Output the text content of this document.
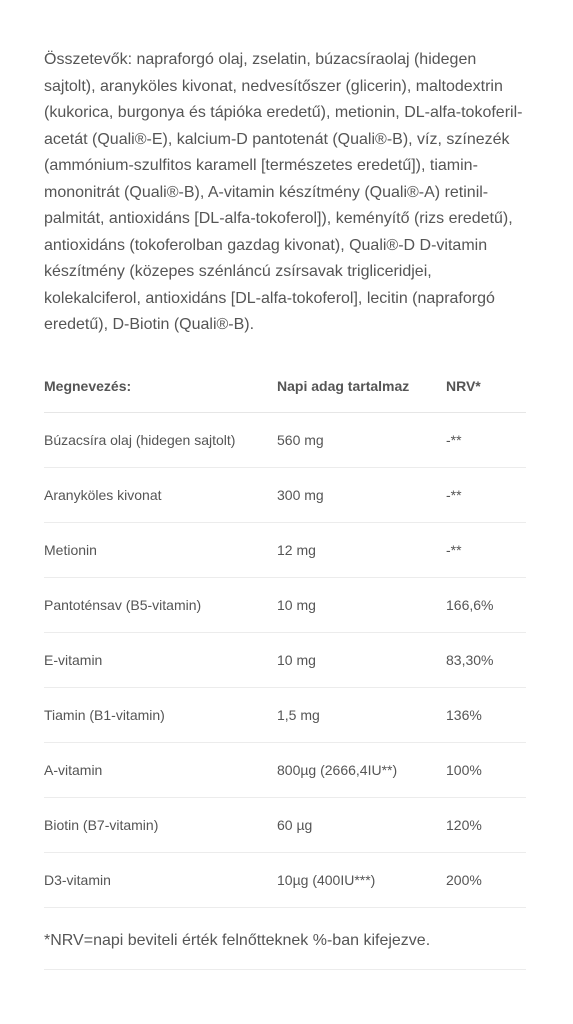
Összetevők: napraforgó olaj, zselatin, búzacsíraolaj (hidegen sajtolt), aranyköles kivonat, nedvesítőszer (glicerin), maltodextrin (kukorica, burgonya és tápióka eredetű), metionin, DL-alfa-tokoferil-acetát (Quali®-E), kalcium-D pantotenát (Quali®-B), víz, színezék (ammónium-szulfitos karamell [természetes eredetű]), tiamin-mononitrát (Quali®-B), A-vitamin készítmény (Quali®-A) retinil-palmitát, antioxidáns [DL-alfa-tokoferol]), keményítő (rizs eredetű), antioxidáns (tokoferolban gazdag kivonat), Quali®-D D-vitamin készítmény (közepes szénláncú zsírsavak trigliceridjei, kolekalciferol, antioxidáns [DL-alfa-tokoferol], lecitin (napraforgó eredetű), D-Biotin (Quali®-B).

Megnevezés:	Napi adag tartalmaz	NRV*
Búzacsíra olaj (hidegen sajtolt)	560 mg	-**
Aranyköles kivonat	300 mg	-**
Metionin	12 mg	-**
Pantoténsav (B5-vitamin)	10 mg	166,6%
E-vitamin	10 mg	83,30%
Tiamin (B1-vitamin)	1,5 mg	136%
A-vitamin	800µg (2666,4IU**)	100%
Biotin (B7-vitamin)	60 µg	120%
D3-vitamin	10µg (400IU***)	200%

*NRV=napi beviteli érték felnőtteknek %-ban kifejezve.
